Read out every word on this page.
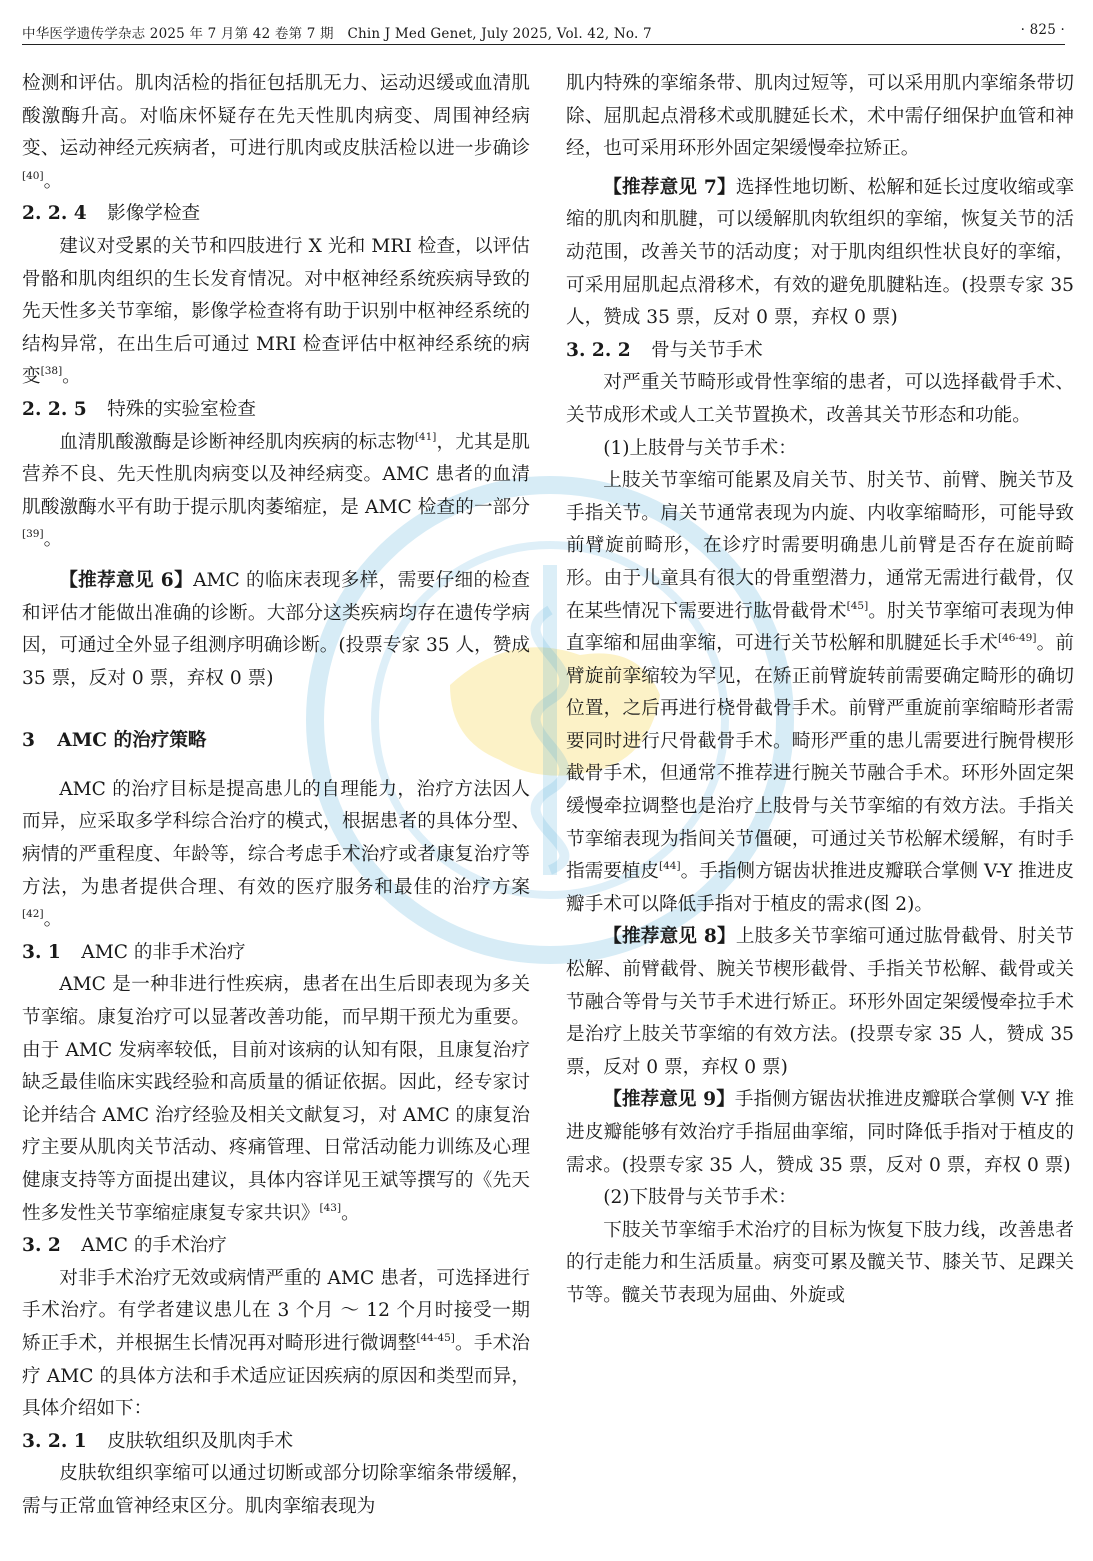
中华医学遗传学杂志 2025 年 7 月第 42 卷第 7 期　Chin J Med Genet, July 2025, Vol. 42, No. 7	· 825 ·

检测和评估。肌肉活检的指征包括肌无力、运动迟缓或血清肌酸激酶升高。对临床怀疑存在先天性肌肉病变、周围神经病变、运动神经元疾病者，可进行肌肉或皮肤活检以进一步确诊[40]。

2. 2. 4 影像学检查

建议对受累的关节和四肢进行 X 光和 MRI 检查，以评估骨骼和肌肉组织的生长发育情况。对中枢神经系统疾病导致的先天性多关节挛缩，影像学检查将有助于识别中枢神经系统的结构异常，在出生后可通过 MRI 检查评估中枢神经系统的病变[38]。

2. 2. 5 特殊的实验室检查

血清肌酸激酶是诊断神经肌肉疾病的标志物[41]，尤其是肌营养不良、先天性肌肉病变以及神经病变。AMC 患者的血清肌酸激酶水平有助于提示肌肉萎缩症，是 AMC 检查的一部分[39]。

【推荐意见 6】AMC 的临床表现多样，需要仔细的检查和评估才能做出准确的诊断。大部分这类疾病均存在遗传学病因，可通过全外显子组测序明确诊断。(投票专家 35 人，赞成 35 票，反对 0 票，弃权 0 票)

3 AMC 的治疗策略

AMC 的治疗目标是提高患儿的自理能力，治疗方法因人而异，应采取多学科综合治疗的模式，根据患者的具体分型、病情的严重程度、年龄等，综合考虑手术治疗或者康复治疗等方法，为患者提供合理、有效的医疗服务和最佳的治疗方案[42]。

3. 1 AMC 的非手术治疗

AMC 是一种非进行性疾病，患者在出生后即表现为多关节挛缩。康复治疗可以显著改善功能，而早期干预尤为重要。由于 AMC 发病率较低，目前对该病的认知有限，且康复治疗缺乏最佳临床实践经验和高质量的循证依据。因此，经专家讨论并结合 AMC 治疗经验及相关文献复习，对 AMC 的康复治疗主要从肌肉关节活动、疼痛管理、日常活动能力训练及心理健康支持等方面提出建议，具体内容详见王斌等撰写的《先天性多发性关节挛缩症康复专家共识》[43]。

3. 2 AMC 的手术治疗

对非手术治疗无效或病情严重的 AMC 患者，可选择进行手术治疗。有学者建议患儿在 3 个月 ～ 12 个月时接受一期矫正手术，并根据生长情况再对畸形进行微调整[44-45]。手术治疗 AMC 的具体方法和手术适应证因疾病的原因和类型而异，具体介绍如下：

3. 2. 1 皮肤软组织及肌肉手术

皮肤软组织挛缩可以通过切断或部分切除挛缩条带缓解，需与正常血管神经束区分。肌肉挛缩表现为

肌内特殊的挛缩条带、肌肉过短等，可以采用肌内挛缩条带切除、屈肌起点滑移术或肌腱延长术，术中需仔细保护血管和神经，也可采用环形外固定架缓慢牵拉矫正。

【推荐意见 7】选择性地切断、松解和延长过度收缩或挛缩的肌肉和肌腱，可以缓解肌肉软组织的挛缩，恢复关节的活动范围，改善关节的活动度；对于肌肉组织性状良好的挛缩，可采用屈肌起点滑移术，有效的避免肌腱粘连。(投票专家 35 人，赞成 35 票，反对 0 票，弃权 0 票)

3. 2. 2 骨与关节手术

对严重关节畸形或骨性挛缩的患者，可以选择截骨手术、关节成形术或人工关节置换术，改善其关节形态和功能。

(1)上肢骨与关节手术：

上肢关节挛缩可能累及肩关节、肘关节、前臂、腕关节及手指关节。肩关节通常表现为内旋、内收挛缩畸形，可能导致前臂旋前畸形，在诊疗时需要明确患儿前臂是否存在旋前畸形。由于儿童具有很大的骨重塑潜力，通常无需进行截骨，仅在某些情况下需要进行肱骨截骨术[45]。肘关节挛缩可表现为伸直挛缩和屈曲挛缩，可进行关节松解和肌腱延长手术[46-49]。前臂旋前挛缩较为罕见，在矫正前臂旋转前需要确定畸形的确切位置，之后再进行桡骨截骨手术。前臂严重旋前挛缩畸形者需要同时进行尺骨截骨手术。畸形严重的患儿需要进行腕骨楔形截骨手术，但通常不推荐进行腕关节融合手术。环形外固定架缓慢牵拉调整也是治疗上肢骨与关节挛缩的有效方法。手指关节挛缩表现为指间关节僵硬，可通过关节松解术缓解，有时手指需要植皮[44]。手指侧方锯齿状推进皮瓣联合掌侧 V-Y 推进皮瓣手术可以降低手指对于植皮的需求(图 2)。

【推荐意见 8】上肢多关节挛缩可通过肱骨截骨、肘关节松解、前臂截骨、腕关节楔形截骨、手指关节松解、截骨或关节融合等骨与关节手术进行矫正。环形外固定架缓慢牵拉手术是治疗上肢关节挛缩的有效方法。(投票专家 35 人，赞成 35 票，反对 0 票，弃权 0 票)

【推荐意见 9】手指侧方锯齿状推进皮瓣联合掌侧 V-Y 推进皮瓣能够有效治疗手指屈曲挛缩，同时降低手指对于植皮的需求。(投票专家 35 人，赞成 35 票，反对 0 票，弃权 0 票)

(2)下肢骨与关节手术：

下肢关节挛缩手术治疗的目标为恢复下肢力线，改善患者的行走能力和生活质量。病变可累及髋关节、膝关节、足踝关节等。髋关节表现为屈曲、外旋或
